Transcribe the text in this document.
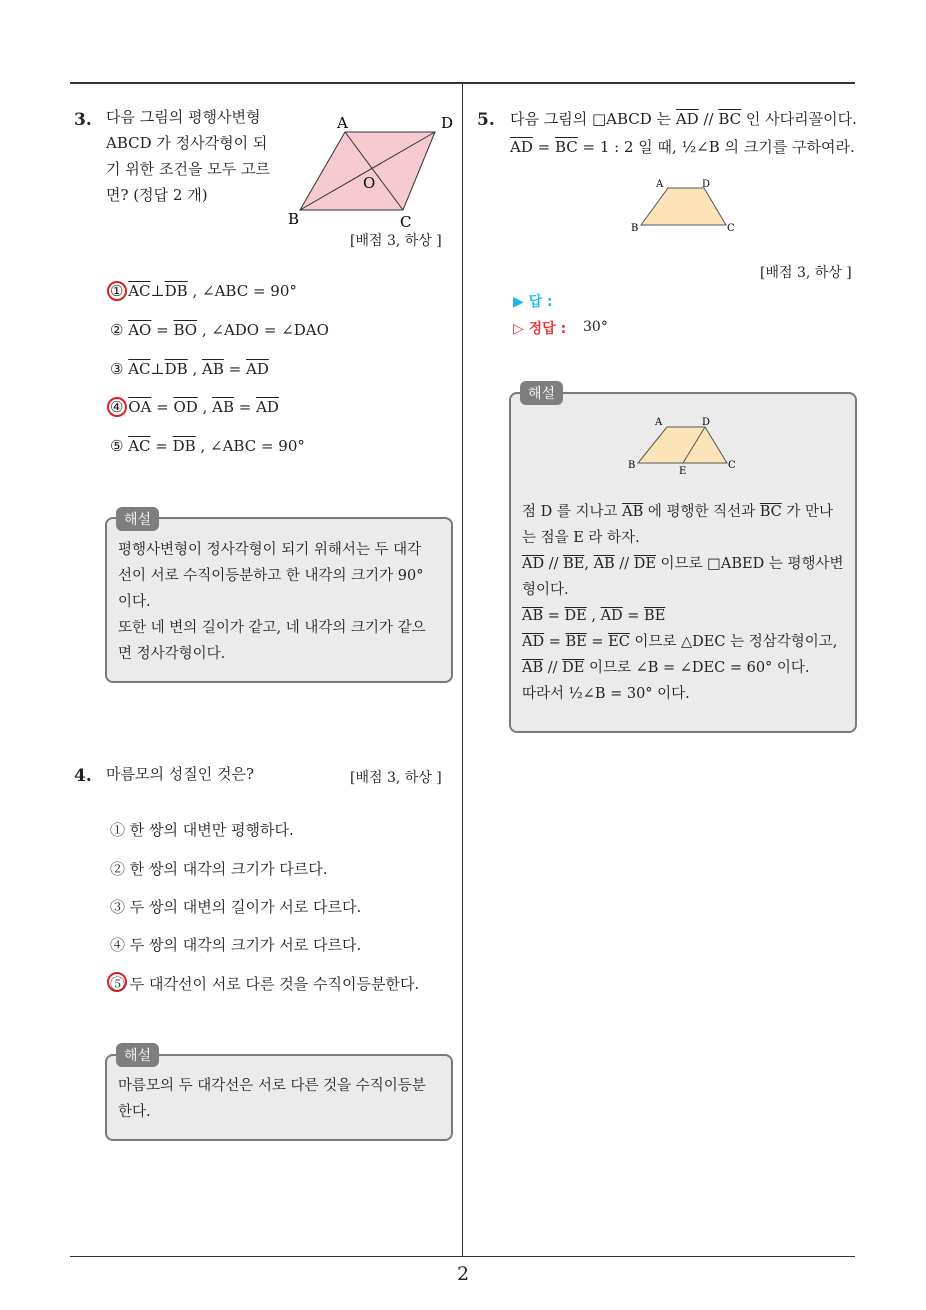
3. 다음 그림의 평행사변형
ABCD 가 정사각형이 되
기 위한 조건을 모두 고르
면? (정답 2 개)
A	D
B	C
O
[배점 3, 하상 ]
① $\overline{AC}\perp\overline{DB}$ , ∠ABC = 90°
② $\overline{AO} = \overline{BO}$ , ∠ADO = ∠DAO
③ $\overline{AC}\perp\overline{DB}$ , $\overline{AB} = \overline{AD}$
④ $\overline{OA} = \overline{OD}$ , $\overline{AB} = \overline{AD}$
⑤ $\overline{AC} = \overline{DB}$ , ∠ABC = 90°
해설
평행사변형이 정사각형이 되기 위해서는 두 대각
선이 서로 수직이등분하고 한 내각의 크기가 90°
이다.
또한 네 변의 길이가 같고, 네 내각의 크기가 같으
면 정사각형이다.
4. 마름모의 성질인 것은?	[배점 3, 하상 ]
① 한 쌍의 대변만 평행하다.
② 한 쌍의 대각의 크기가 다르다.
③ 두 쌍의 대변의 길이가 서로 다르다.
④ 두 쌍의 대각의 크기가 서로 다르다.
⑤ 두 대각선이 서로 다른 것을 수직이등분한다.
해설
마름모의 두 대각선은 서로 다른 것을 수직이등분
한다.
5. 다음 그림의 □ABCD 는 $\overline{AD} // \overline{BC}$ 인 사다리꼴이다.
$\overline{AD} = \overline{BC} = 1$ : 2 일 때, ½∠B 의 크기를 구하여라.
A	D
B	C
[배점 3, 하상 ]
▶ 답 :
▷ 정답 : 30°
해설
A	D
B	C
E
점 D 를 지나고 $\overline{AB}$ 에 평행한 직선과 $\overline{BC}$ 가 만나
는 점을 E 라 하자.
$\overline{AD} // \overline{BE}$, $\overline{AB} // \overline{DE}$ 이므로 □ABED 는 평행사변
형이다.
$\overline{AB} = \overline{DE}$ , $\overline{AD} = \overline{BE}$
$\overline{AD} = \overline{BE} = \overline{EC}$ 이므로 △DEC 는 정삼각형이고,
$\overline{AB} // \overline{DE}$ 이므로 ∠B = ∠DEC = 60° 이다.
따라서 ½∠B = 30° 이다.
2
